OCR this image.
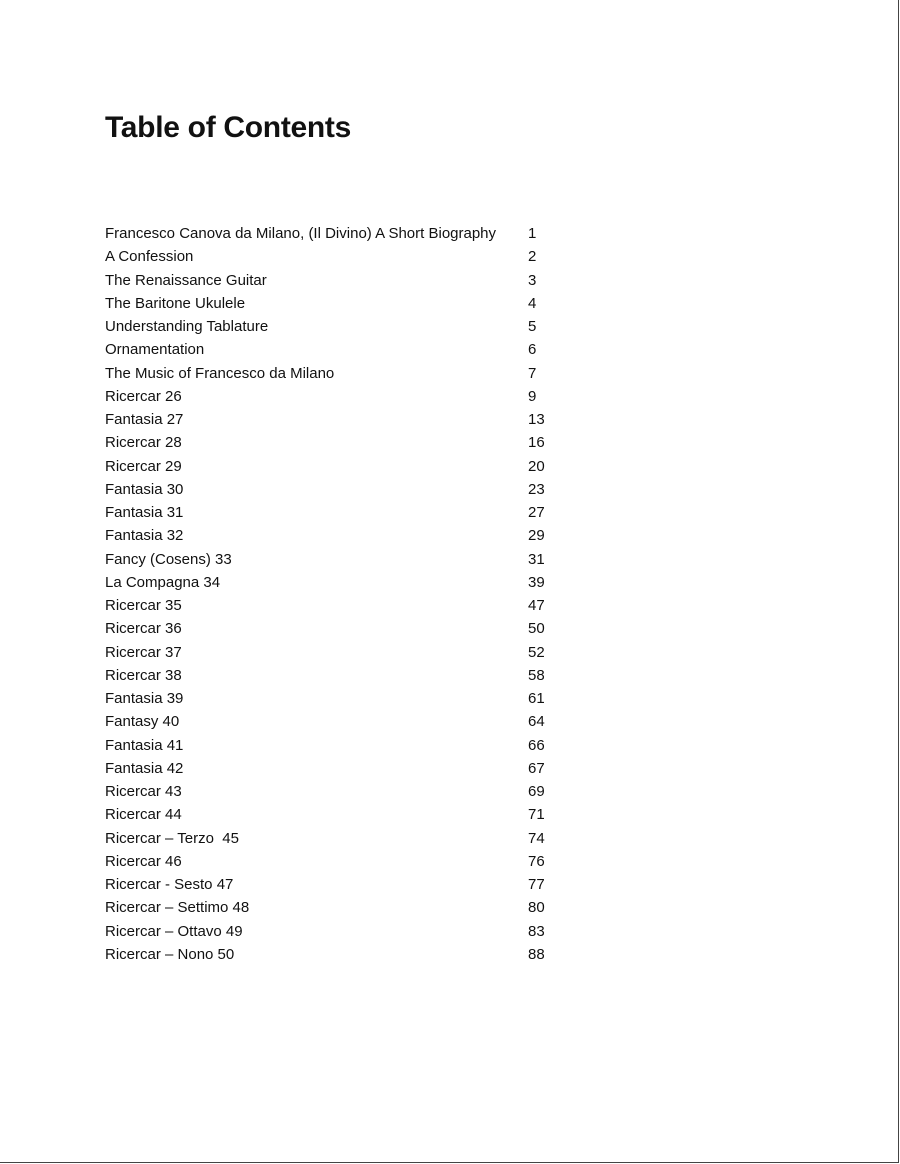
Table of Contents
Francesco Canova da Milano, (Il Divino) A Short Biography	1
A Confession	2
The Renaissance Guitar	3
The Baritone Ukulele	4
Understanding Tablature	5
Ornamentation	6
The Music of Francesco da Milano	7
Ricercar 26	9
Fantasia 27	13
Ricercar 28	16
Ricercar 29	20
Fantasia 30	23
Fantasia 31	27
Fantasia 32	29
Fancy (Cosens) 33	31
La Compagna 34	39
Ricercar 35	47
Ricercar 36	50
Ricercar 37	52
Ricercar 38	58
Fantasia 39	61
Fantasy 40	64
Fantasia 41	66
Fantasia 42	67
Ricercar 43	69
Ricercar 44	71
Ricercar – Terzo  45	74
Ricercar 46	76
Ricercar - Sesto 47	77
Ricercar – Settimo 48	80
Ricercar – Ottavo 49	83
Ricercar – Nono 50	88
